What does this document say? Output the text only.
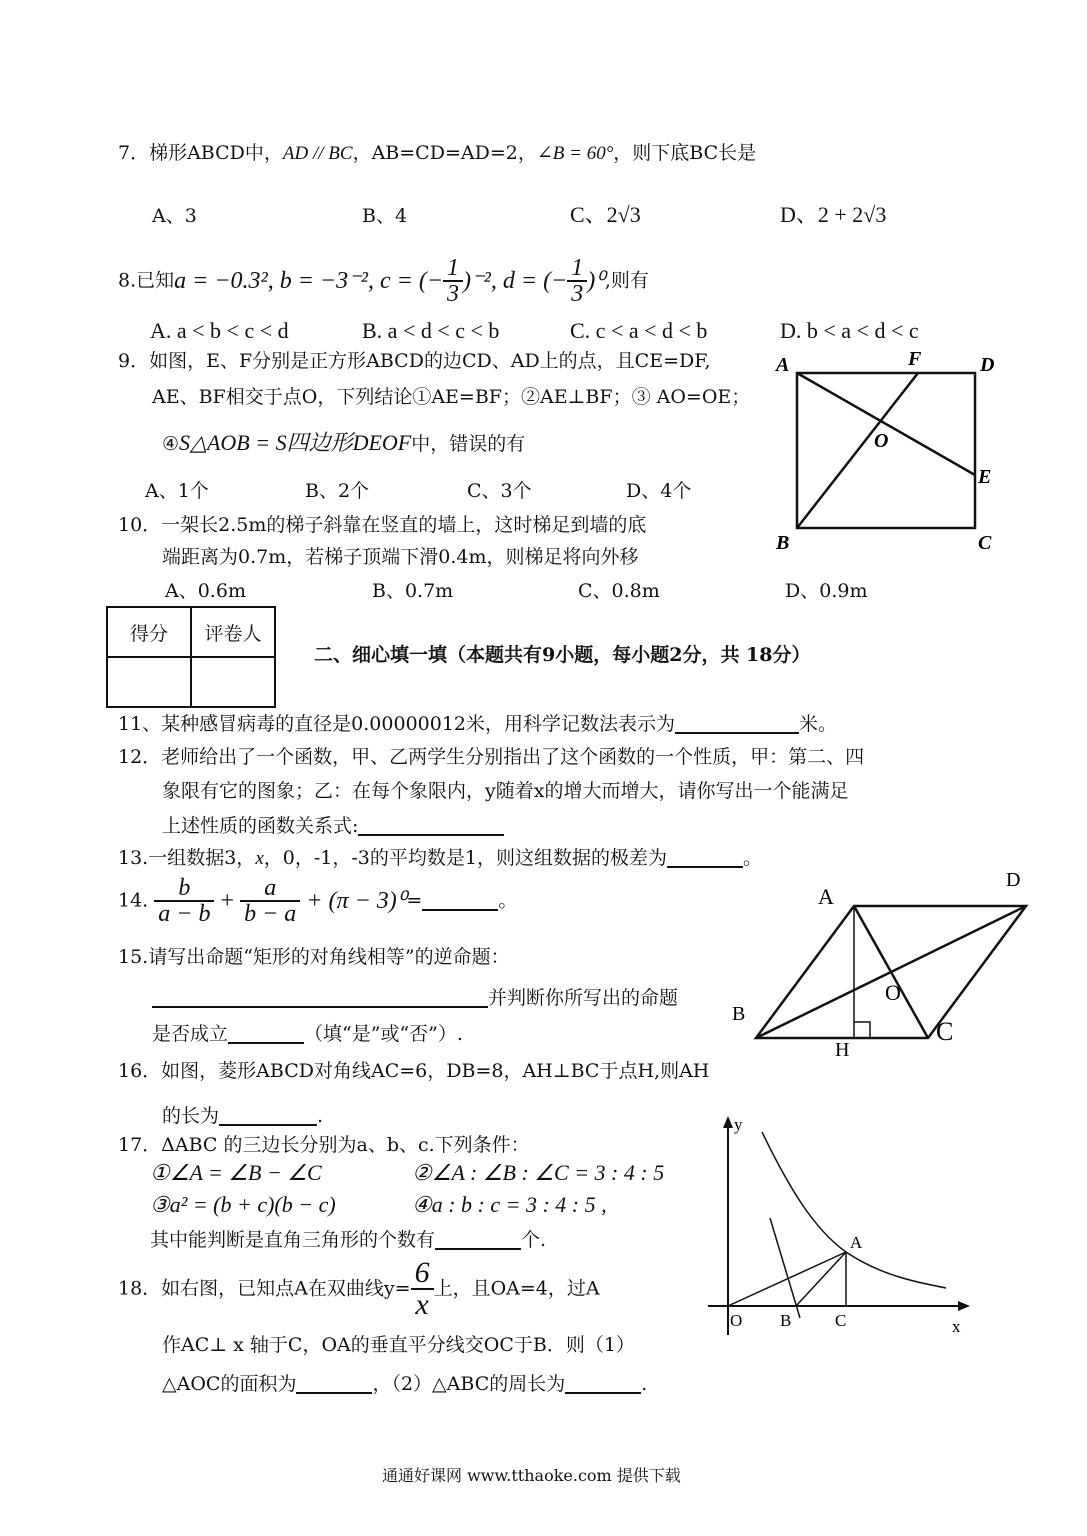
7．梯形ABCD中，AD // BC，AB=CD=AD=2，∠B = 60°，则下底BC长是
A、3	B、4	C、2√3	D、2 + 2√3
8.已知a = −0.3², b = −3⁻², c = (− $\frac{1}{3} )^{-2}$, d = (− $\frac{1}{3} )^0$,则有
A. a < b < c < d	B. a < d < c < b	C. c < a < d < b	D. b < a < d < c
9．如图，E、F分别是正方形ABCD的边CD、AD上的点，且CE=DF,
AE、BF相交于点O，下列结论①AE=BF；②AE⊥BF；③ AO=OE；
④S△AOB = S四边形DEOF中，错误的有
A、1个	B、2个	C、3个	D、4个
A	F	D
O
E
B	C
10．一架长2.5m的梯子斜靠在竖直的墙上，这时梯足到墙的底
端距离为0.7m，若梯子顶端下滑0.4m，则梯足将向外移
A、0.6m	B、0.7m	C、0.8m	D、0.9m
得分	评卷人

二、细心填一填（本题共有9小题，每小题2分，共 18分）
11、某种感冒病毒的直径是0.00000012米，用科学记数法表示为	米。
12．老师给出了一个函数，甲、乙两学生分别指出了这个函数的一个性质，甲：第二、四
象限有它的图象；乙：在每个象限内，y随着x的增大而增大，请你写出一个能满足
上述性质的函数关系式:
13.一组数据3，x，0，-1，-3的平均数是1，则这组数据的极差为	。
14. $\frac{b}{a - b} + \frac{a}{b - a} + (\pi - 3)^0=$	。
15.请写出命题“矩形的对角线相等”的逆命题：
并判断你所写出的命题
是否成立	（填“是”或“否”）.
A
D
O
B
C
H
16．如图，菱形ABCD对角线AC=6，DB=8，AH⊥BC于点H,则AH
的长为	.
17．ΔABC 的三边长分别为a、b、c.下列条件：
①∠A = ∠B − ∠C	②∠A : ∠B : ∠C = 3 : 4 : 5
③a² = (b + c)(b − c)	④a : b : c = 3 : 4 : 5 ,
其中能判断是直角三角形的个数有	个.
y
A
O B	C	x
18．如右图，已知点A在双曲线$y= \frac{6}{x}$ 上，且OA=4，过A
作AC⊥ x 轴于C，OA的垂直平分线交OC于B．则（1）
△AOC的面积为	，（2）△ABC的周长为	.
通通好课网 www.tthaoke.com 提供下载
